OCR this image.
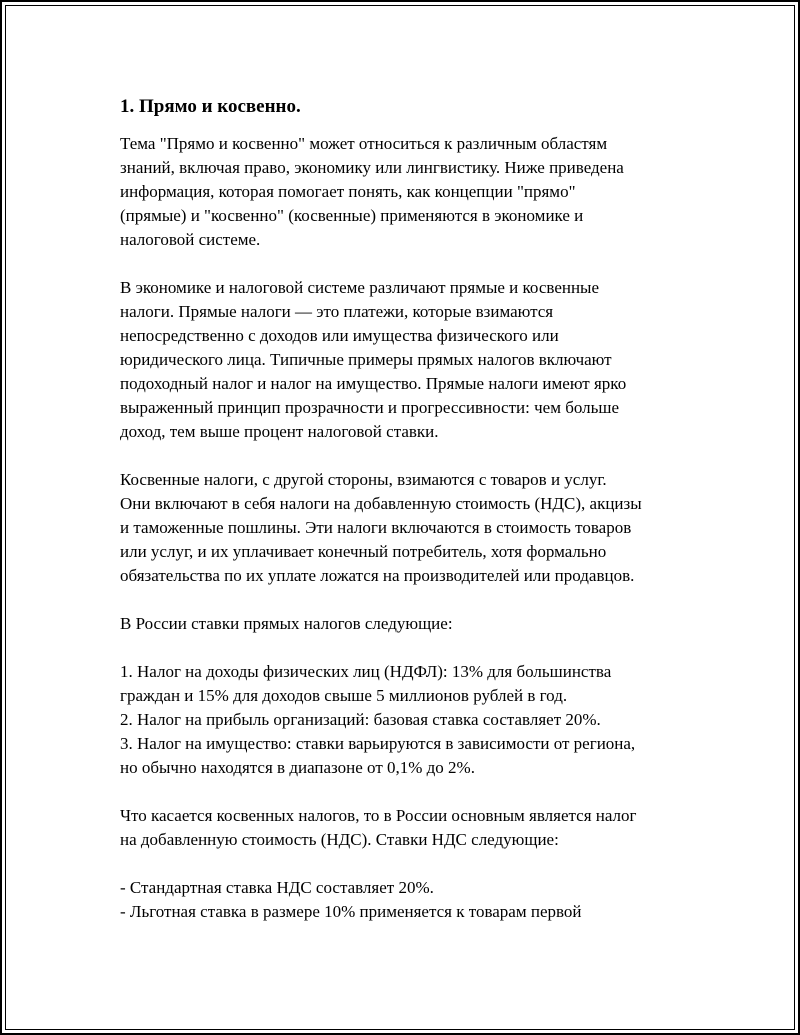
1. Прямо и косвенно.

Тема "Прямо и косвенно" может относиться к различным областям

знаний, включая право, экономику или лингвистику. Ниже приведена

информация, которая помогает понять, как концепции "прямо"

(прямые) и "косвенно" (косвенные) применяются в экономике и

налоговой системе.

В экономике и налоговой системе различают прямые и косвенные

налоги. Прямые налоги — это платежи, которые взимаются

непосредственно с доходов или имущества физического или

юридического лица. Типичные примеры прямых налогов включают

подоходный налог и налог на имущество. Прямые налоги имеют ярко

выраженный принцип прозрачности и прогрессивности: чем больше

доход, тем выше процент налоговой ставки.

Косвенные налоги, с другой стороны, взимаются с товаров и услуг.

Они включают в себя налоги на добавленную стоимость (НДС), акцизы

и таможенные пошлины. Эти налоги включаются в стоимость товаров

или услуг, и их уплачивает конечный потребитель, хотя формально

обязательства по их уплате ложатся на производителей или продавцов.

В России ставки прямых налогов следующие:

1. Налог на доходы физических лиц (НДФЛ): 13% для большинства

граждан и 15% для доходов свыше 5 миллионов рублей в год.

2. Налог на прибыль организаций: базовая ставка составляет 20%.

3. Налог на имущество: ставки варьируются в зависимости от региона,

но обычно находятся в диапазоне от 0,1% до 2%.

Что касается косвенных налогов, то в России основным является налог

на добавленную стоимость (НДС). Ставки НДС следующие:

- Стандартная ставка НДС составляет 20%.

- Льготная ставка в размере 10% применяется к товарам первой
